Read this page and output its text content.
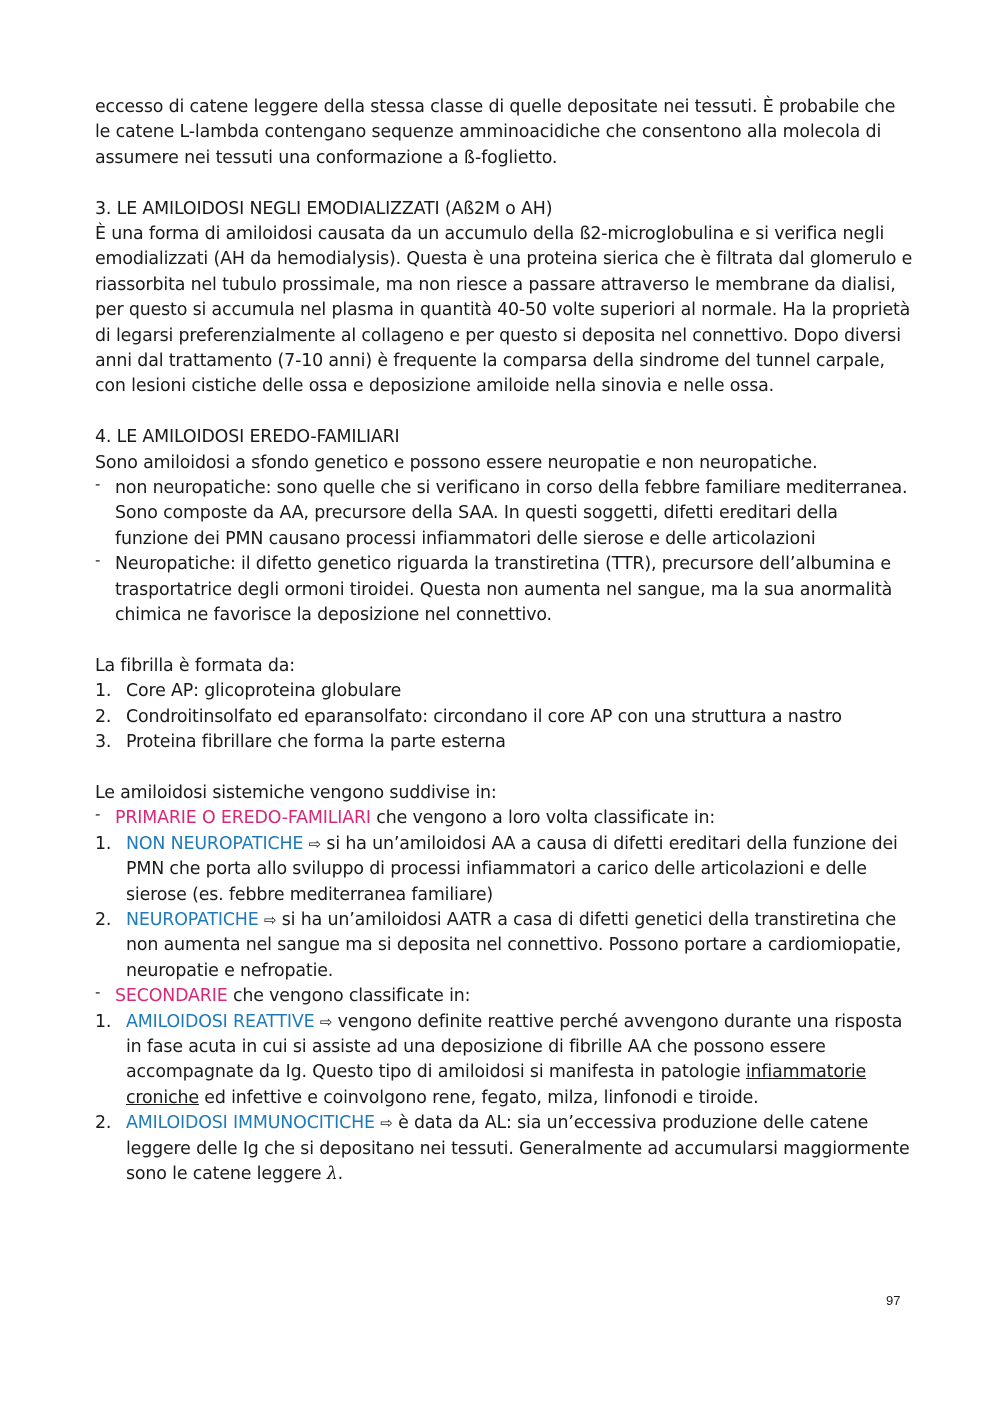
eccesso di catene leggere della stessa classe di quelle depositate nei tessuti. È probabile che le catene L-lambda contengano sequenze amminoacidiche che consentono alla molecola di assumere nei tessuti una conformazione a ß-foglietto.

3. LE AMILOIDOSI NEGLI EMODIALIZZATI (Aß2M o AH)

È una forma di amiloidosi causata da un accumulo della ß2-microglobulina e si verifica negli emodializzati (AH da hemodialysis). Questa è una proteina sierica che è filtrata dal glomerulo e riassorbita nel tubulo prossimale, ma non riesce a passare attraverso le membrane da dialisi, per questo si accumula nel plasma in quantità 40-50 volte superiori al normale. Ha la proprietà di legarsi preferenzialmente al collageno e per questo si deposita nel connettivo. Dopo diversi anni dal trattamento (7-10 anni) è frequente la comparsa della sindrome del tunnel carpale, con lesioni cistiche delle ossa e deposizione amiloide nella sinovia e nelle ossa.

4. LE AMILOIDOSI EREDO-FAMILIARI

Sono amiloidosi a sfondo genetico e possono essere neuropatie e non neuropatiche.

- non neuropatiche: sono quelle che si verificano in corso della febbre familiare mediterranea. Sono composte da AA, precursore della SAA. In questi soggetti, difetti ereditari della funzione dei PMN causano processi infiammatori delle sierose e delle articolazioni
- Neuropatiche: il difetto genetico riguarda la transtiretina (TTR), precursore dell’albumina e trasportatrice degli ormoni tiroidei. Questa non aumenta nel sangue, ma la sua anormalità chimica ne favorisce la deposizione nel connettivo.

La fibrilla è formata da:

1. Core AP: glicoproteina globulare
2. Condroitinsolfato ed eparansolfato: circondano il core AP con una struttura a nastro
3. Proteina fibrillare che forma la parte esterna

Le amiloidosi sistemiche vengono suddivise in:

- PRIMARIE O EREDO-FAMILIARI che vengono a loro volta classificate in:
1. NON NEUROPATICHE ⇨ si ha un’amiloidosi AA a causa di difetti ereditari della funzione dei PMN che porta allo sviluppo di processi infiammatori a carico delle articolazioni e delle sierose (es. febbre mediterranea familiare)
2. NEUROPATICHE ⇨ si ha un’amiloidosi AATR a casa di difetti genetici della transtiretina che non aumenta nel sangue ma si deposita nel connettivo. Possono portare a cardiomiopatie, neuropatie e nefropatie.
- SECONDARIE che vengono classificate in:
1. AMILOIDOSI REATTIVE ⇨ vengono definite reattive perché avvengono durante una risposta in fase acuta in cui si assiste ad una deposizione di fibrille AA che possono essere accompagnate da Ig. Questo tipo di amiloidosi si manifesta in patologie infiammatorie croniche ed infettive e coinvolgono rene, fegato, milza, linfonodi e tiroide.
2. AMILOIDOSI IMMUNOCITICHE ⇨ è data da AL: sia un’eccessiva produzione delle catene leggere delle Ig che si depositano nei tessuti. Generalmente ad accumularsi maggiormente sono le catene leggere λ.
97
